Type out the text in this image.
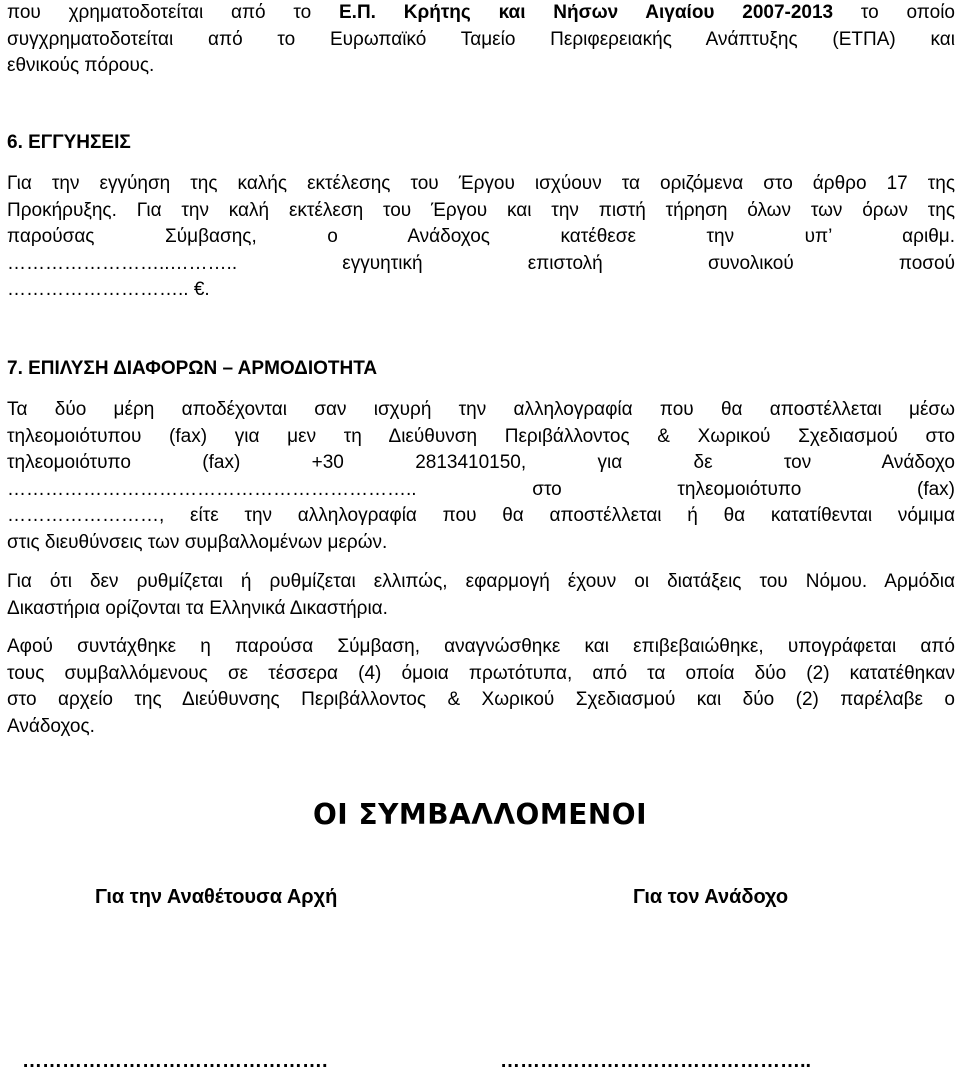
που χρηματοδοτείται από το Ε.Π. Κρήτης και Νήσων Αιγαίου 2007-2013 το οποίο
συγχρηματοδοτείται από το Ευρωπαϊκό Ταμείο Περιφερειακής Ανάπτυξης (ΕΤΠΑ) και
εθνικούς πόρους.
6. ΕΓΓΥΗΣΕΙΣ
Για την εγγύηση της καλής εκτέλεσης του Έργου ισχύουν τα οριζόμενα στο άρθρο 17 της
Προκήρυξης. Για την καλή εκτέλεση του Έργου και την πιστή τήρηση όλων των όρων της
παρούσας Σύμβασης, ο Ανάδοχος κατέθεσε την υπ’ αριθμ.
……………………..……….. εγγυητική επιστολή συνολικού ποσού
……………………….. €.
7. ΕΠΙΛΥΣΗ ΔΙΑΦΟΡΩΝ – ΑΡΜΟΔΙΟΤΗΤΑ
Τα δύο μέρη αποδέχονται σαν ισχυρή την αλληλογραφία που θα αποστέλλεται μέσω
τηλεομοιότυπου (fax) για μεν τη Διεύθυνση Περιβάλλοντος & Χωρικού Σχεδιασμού στο
τηλεομοιότυπο (fax) +30 2813410150, για δε τον Ανάδοχο
……………………………………………………….. στο τηλεομοιότυπο (fax)
……………………, είτε την αλληλογραφία που θα αποστέλλεται ή θα κατατίθενται νόμιμα
στις διευθύνσεις των συμβαλλομένων μερών.
Για ότι δεν ρυθμίζεται ή ρυθμίζεται ελλιπώς, εφαρμογή έχουν οι διατάξεις του Νόμου. Αρμόδια
Δικαστήρια ορίζονται τα Ελληνικά Δικαστήρια.
Αφού συντάχθηκε η παρούσα Σύμβαση, αναγνώσθηκε και επιβεβαιώθηκε, υπογράφεται από
τους συμβαλλόμενους σε τέσσερα (4) όμοια πρωτότυπα, από τα οποία δύο (2) κατατέθηκαν
στο αρχείο της Διεύθυνσης Περιβάλλοντος & Χωρικού Σχεδιασμού και δύο (2) παρέλαβε ο
Ανάδοχος.
ΟΙ ΣΥΜΒΑΛΛΟΜΕΝΟΙ
Για την Αναθέτουσα Αρχή	Για τον Ανάδοχο
……………………………………….	………………………………………..
